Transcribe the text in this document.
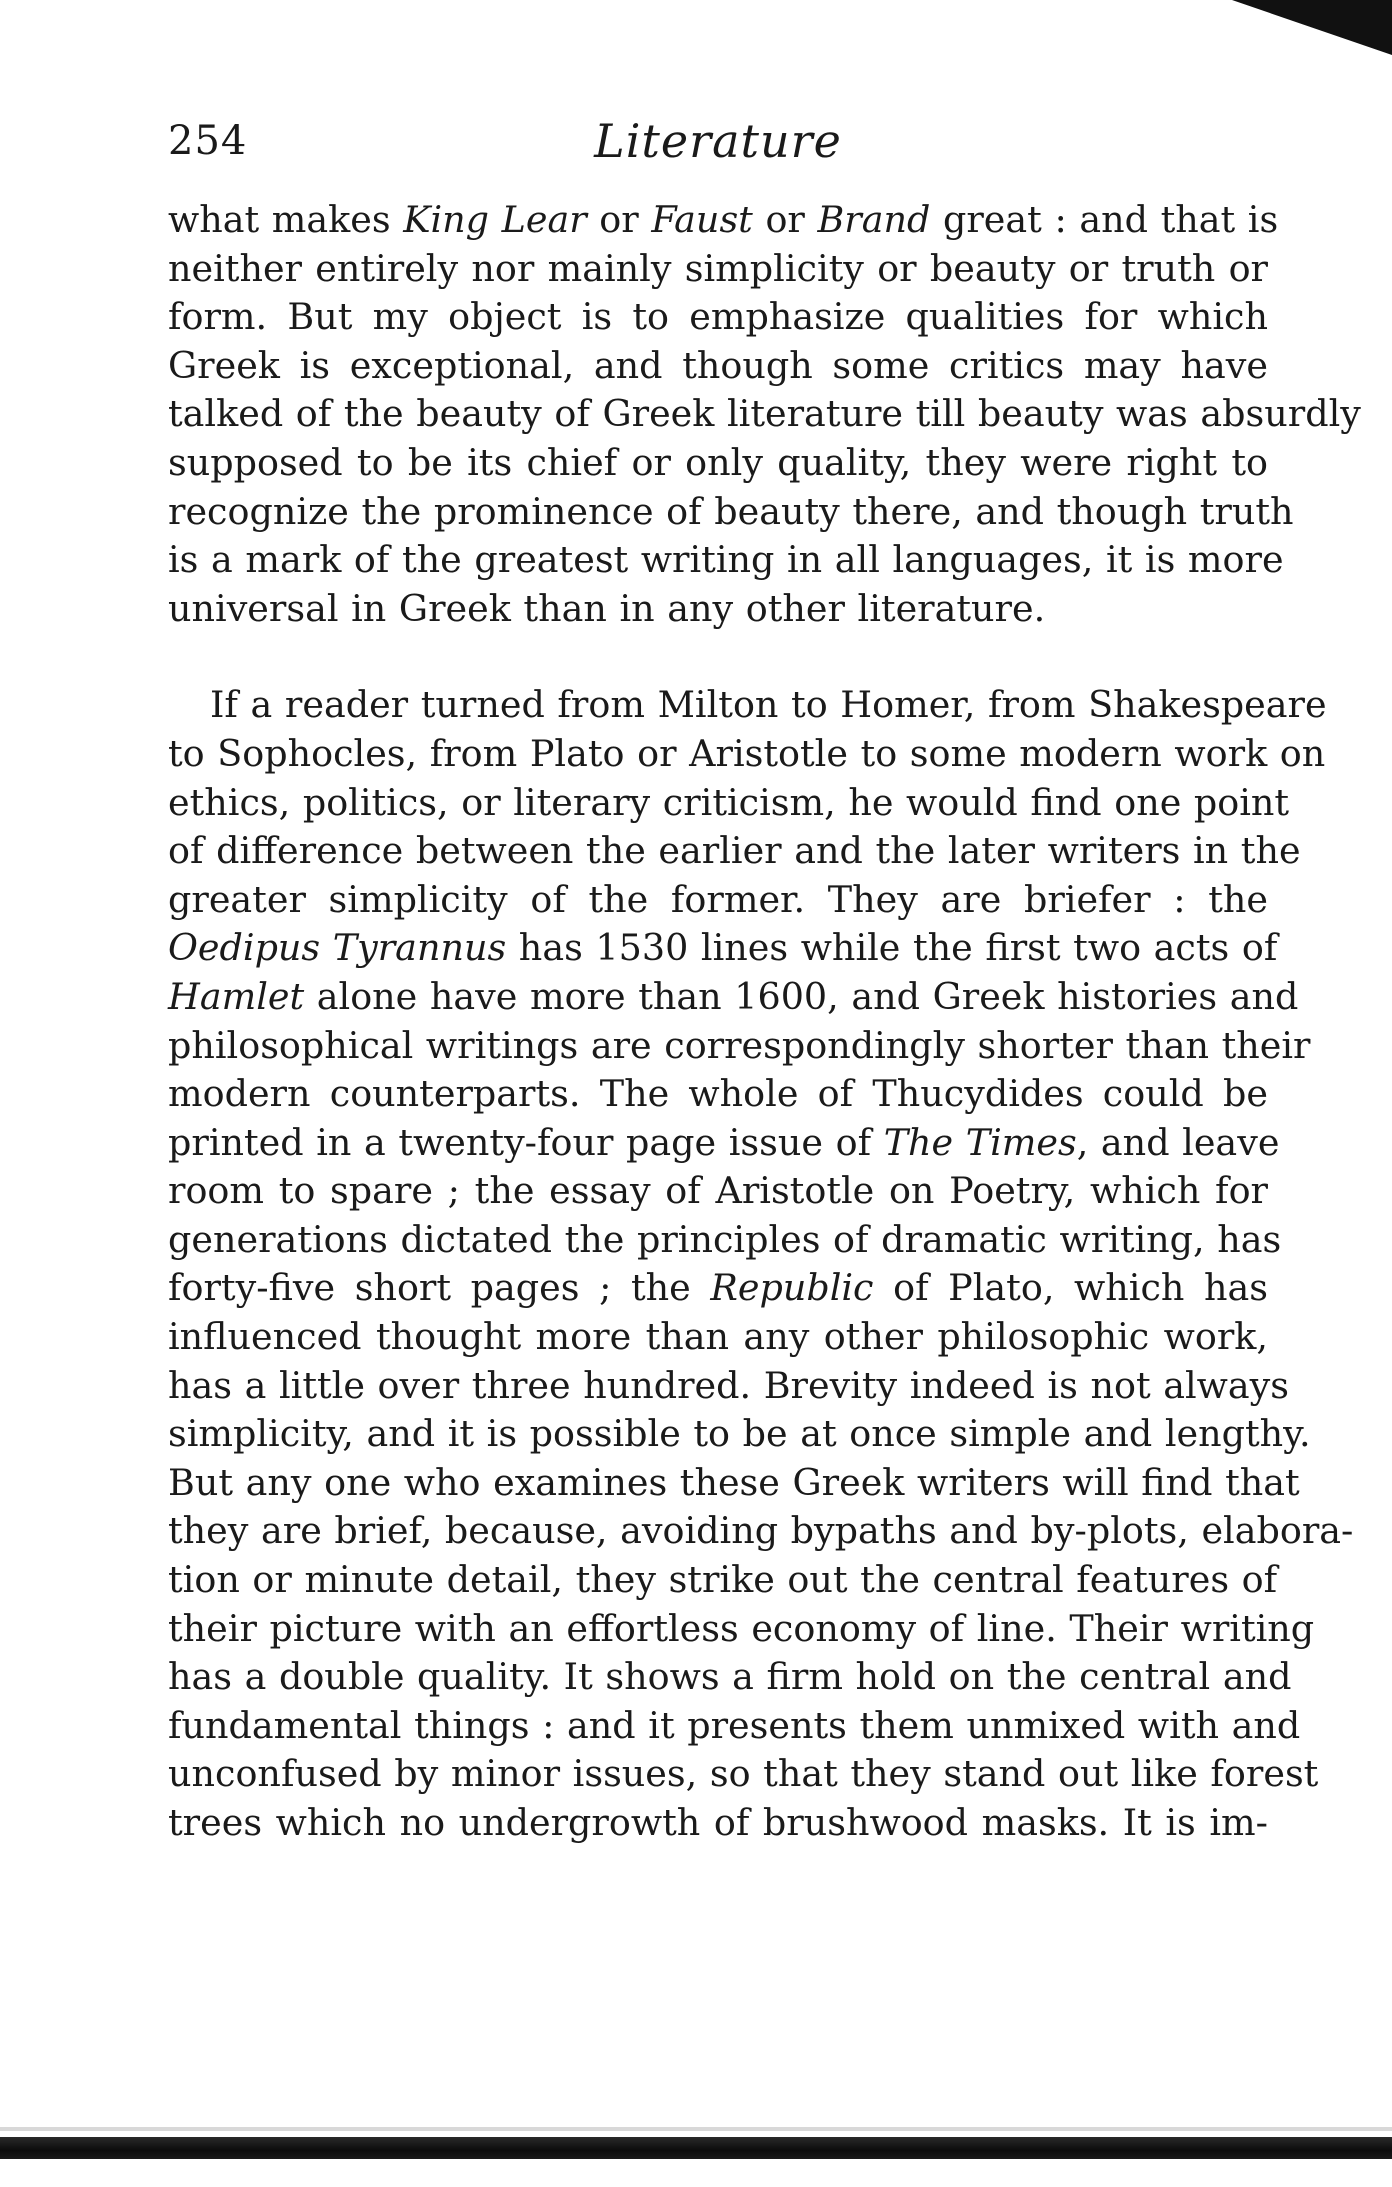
254	Literature

what makes King Lear or Faust or Brand great : and that is
neither entirely nor mainly simplicity or beauty or truth or
form. But my object is to emphasize qualities for which
Greek is exceptional, and though some critics may have
talked of the beauty of Greek literature till beauty was absurdly
supposed to be its chief or only quality, they were right to
recognize the prominence of beauty there, and though truth
is a mark of the greatest writing in all languages, it is more
universal in Greek than in any other literature.

If a reader turned from Milton to Homer, from Shakespeare
to Sophocles, from Plato or Aristotle to some modern work on
ethics, politics, or literary criticism, he would find one point
of difference between the earlier and the later writers in the
greater simplicity of the former. They are briefer : the
Oedipus Tyrannus has 1530 lines while the first two acts of
Hamlet alone have more than 1600, and Greek histories and
philosophical writings are correspondingly shorter than their
modern counterparts. The whole of Thucydides could be
printed in a twenty-four page issue of The Times, and leave
room to spare ; the essay of Aristotle on Poetry, which for
generations dictated the principles of dramatic writing, has
forty-five short pages ; the Republic of Plato, which has
influenced thought more than any other philosophic work,
has a little over three hundred. Brevity indeed is not always
simplicity, and it is possible to be at once simple and lengthy.
But any one who examines these Greek writers will find that
they are brief, because, avoiding bypaths and by-plots, elabora-
tion or minute detail, they strike out the central features of
their picture with an effortless economy of line. Their writing
has a double quality. It shows a firm hold on the central and
fundamental things : and it presents them unmixed with and
unconfused by minor issues, so that they stand out like forest
trees which no undergrowth of brushwood masks. It is im-
